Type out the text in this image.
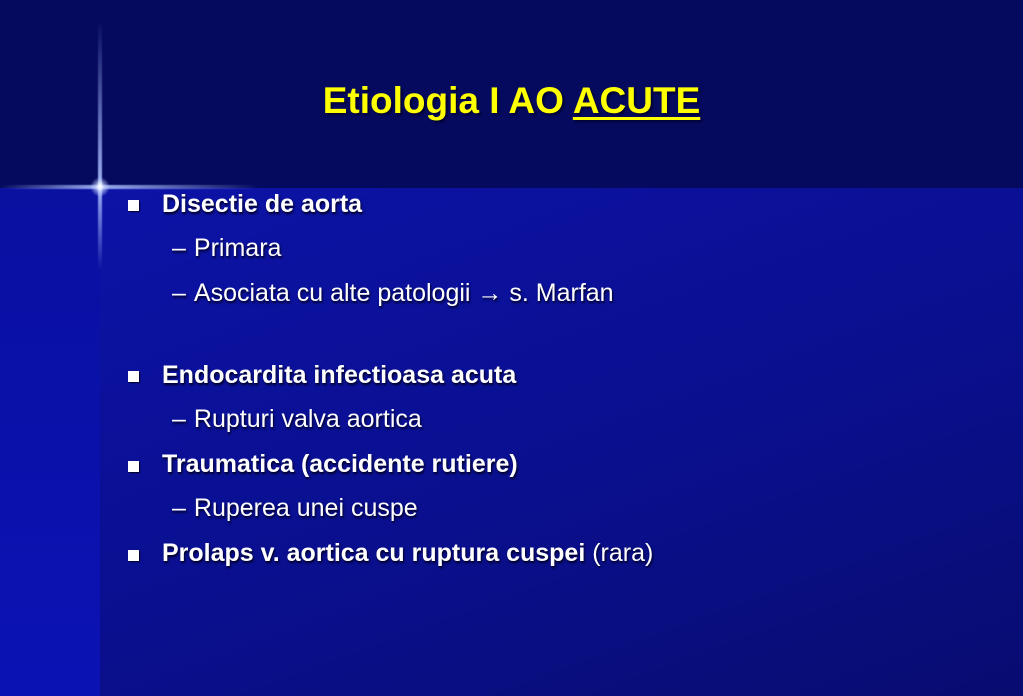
Etiologia I AO ACUTE
Disectie de aorta
– Primara
– Asociata cu alte patologii → s. Marfan
Endocardita infectioasa acuta
– Rupturi valva aortica
Traumatica (accidente rutiere)
– Ruperea unei cuspe
Prolaps v. aortica cu ruptura cuspei (rara)
